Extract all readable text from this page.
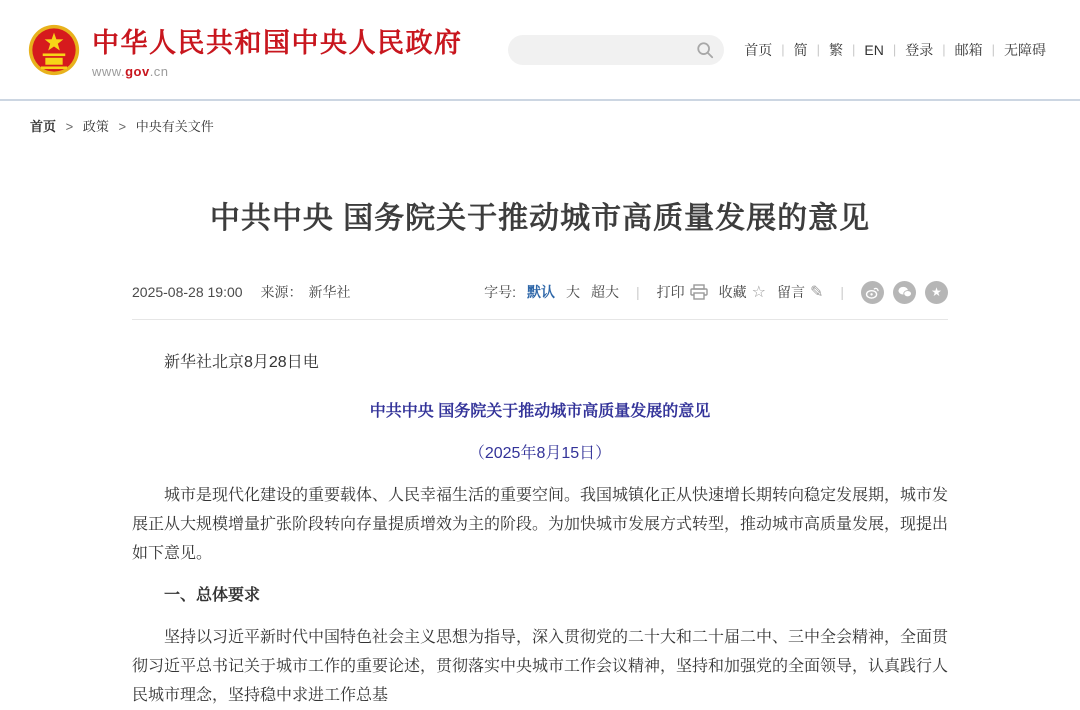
中华人民共和国中央人民政府
www.gov.cn
首页 | 简 | 繁 | EN | 登录 | 邮箱 | 无障碍
首页 > 政策 > 中央有关文件
中共中央 国务院关于推动城市高质量发展的意见
2025-08-28 19:00 来源： 新华社	字号: 默认 大 超大	|	打印 收藏 ☆ 留言 ✎	|	★

新华社北京8月28日电

中共中央 国务院关于推动城市高质量发展的意见

（2025年8月15日）

城市是现代化建设的重要载体、人民幸福生活的重要空间。我国城镇化正从快速增长期转向稳定发展期，城市发展正从大规模增量扩张阶段转向存量提质增效为主的阶段。为加快城市发展方式转型，推动城市高质量发展，现提出如下意见。

一、总体要求

坚持以习近平新时代中国特色社会主义思想为指导，深入贯彻党的二十大和二十届二中、三中全会精神，全面贯彻习近平总书记关于城市工作的重要论述，贯彻落实中央城市工作会议精神，坚持和加强党的全面领导，认真践行人民城市理念，坚持稳中求进工作总基
